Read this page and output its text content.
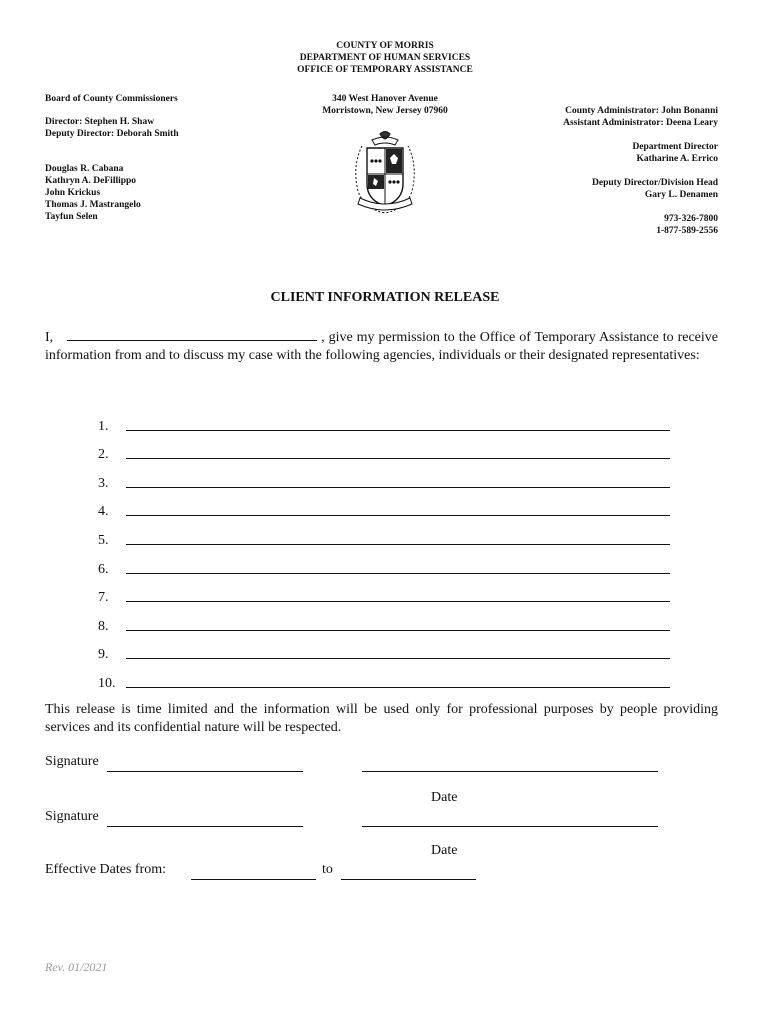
COUNTY OF MORRIS
DEPARTMENT OF HUMAN SERVICES
OFFICE OF TEMPORARY ASSISTANCE
340 West Hanover Avenue
Morristown, New Jersey 07960
Board of County Commissioners
Director: Stephen H. Shaw
Deputy Director: Deborah Smith
Douglas R. Cabana
Kathryn A. DeFillippo
John Krickus
Thomas J. Mastrangelo
Tayfun Selen
County Administrator: John Bonanni
Assistant Administrator: Deena Leary
Department Director
Katharine A. Errico
Deputy Director/Division Head
Gary L. Denamen
973-326-7800
1-877-589-2556
CLIENT INFORMATION RELEASE
I,	, give my permission to the Office of Temporary Assistance to receive information from and to discuss my case with the following agencies, individuals or their designated representatives:
1.
2.
3.
4.
5.
6.
7.
8.
9.
10.
This release is time limited and the information will be used only for professional purposes by people providing services and its confidential nature will be respected.
Signature
Date
Signature
Date
Effective Dates from:	to
Rev. 01/2021
